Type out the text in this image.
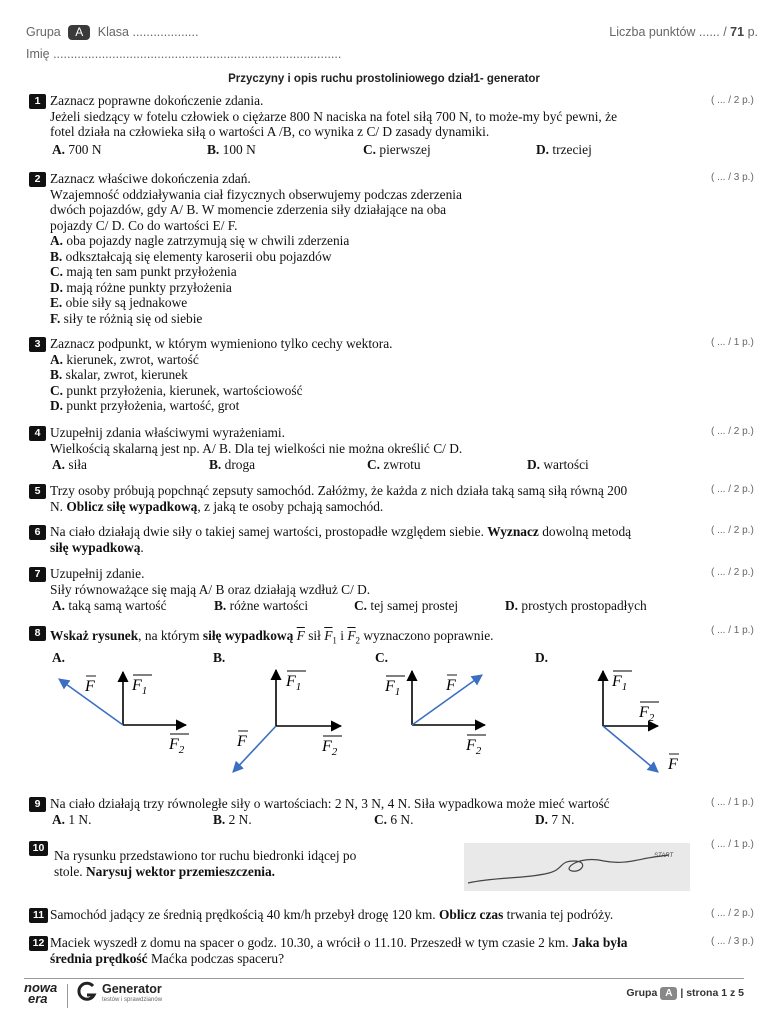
Grupa A Klasa ...................	Liczba punktów ...... / 71 p.
Imię ...................................................................................
Przyczyny i opis ruchu prostoliniowego dział1- generator
1 Zaznacz poprawne dokończenie zdania.
Jeżeli siedzący w fotelu człowiek o ciężarze 800 N naciska na fotel siłą 700 N, to może-my być pewni, że
fotel działa na człowieka siłą o wartości A /B, co wynika z C/ D zasady dynamiki.
A. 700 N	B. 100 N	C. pierwszej	D. trzeciej
( ... / 2 p.)
2 Zaznacz właściwe dokończenia zdań.
Wzajemność oddziaływania ciał fizycznych obserwujemy podczas zderzenia
dwóch pojazdów, gdy A/ B. W momencie zderzenia siły działające na oba
pojazdy C/ D. Co do wartości E/ F.
A. oba pojazdy nagle zatrzymują się w chwili zderzenia
B. odkształcają się elementy karoserii obu pojazdów
C. mają ten sam punkt przyłożenia
D. mają różne punkty przyłożenia
E. obie siły są jednakowe
F. siły te różnią się od siebie
( ... / 3 p.)
3 Zaznacz podpunkt, w którym wymieniono tylko cechy wektora.
A. kierunek, zwrot, wartość
B. skalar, zwrot, kierunek
C. punkt przyłożenia, kierunek, wartościowość
D. punkt przyłożenia, wartość, grot
( ... / 1 p.)
4 Uzupełnij zdania właściwymi wyrażeniami.
Wielkością skalarną jest np. A/ B. Dla tej wielkości nie można określić C/ D.
A. siła	B. droga	C. zwrotu	D. wartości
( ... / 2 p.)
5 Trzy osoby próbują popchnąć zepsuty samochód. Załóżmy, że każda z nich działa taką samą siłą równą 200
N. Oblicz siłę wypadkową, z jaką te osoby pchają samochód.
( ... / 2 p.)
6 Na ciało działają dwie siły o takiej samej wartości, prostopadłe względem siebie. Wyznacz dowolną metodą
siłę wypadkową.
( ... / 2 p.)
7 Uzupełnij zdanie.
Siły równoważące się mają A/ B oraz działają wzdłuż C/ D.
A. taką samą wartość	B. różne wartości	C. tej samej prostej	D. prostych prostopadłych
( ... / 2 p.)
8 Wskaż rysunek, na którym siłę wypadkową $\overline{F}$ sił $\overline{F}_1$ i $\overline{F}_2$ wyznaczono poprawnie.	( ... / 1 p.)
A.	B.	C.	D.
F $F_1$
$F_2$
$F_1$
$F_2$
F
$F_1$	F
$F_2$
$F_1$
$F_2$
F
9 Na ciało działają trzy równoległe siły o wartościach: 2 N, 3 N, 4 N. Siła wypadkowa może mieć wartość
A. 1 N.	B. 2 N.	C. 6 N.	D. 7 N.
( ... / 1 p.)
10 Na rysunku przedstawiono tor ruchu biedronki idącej po
stole. Narysuj wektor przemieszczenia.
( ... / 1 p.)
START
11 Samochód jadący ze średnią prędkością 40 km/h przebył drogę 120 km. Oblicz czas trwania tej podróży.	( ... / 2 p.)
12 Maciek wyszedł z domu na spacer o godz. 10.30, a wrócił o 11.10. Przeszedł w tym czasie 2 km. Jaka była
średnia prędkość Maćka podczas spaceru?
( ... / 3 p.)
nowa
era
Generator
testów i sprawdzianów
Grupa A | strona 1 z 5
